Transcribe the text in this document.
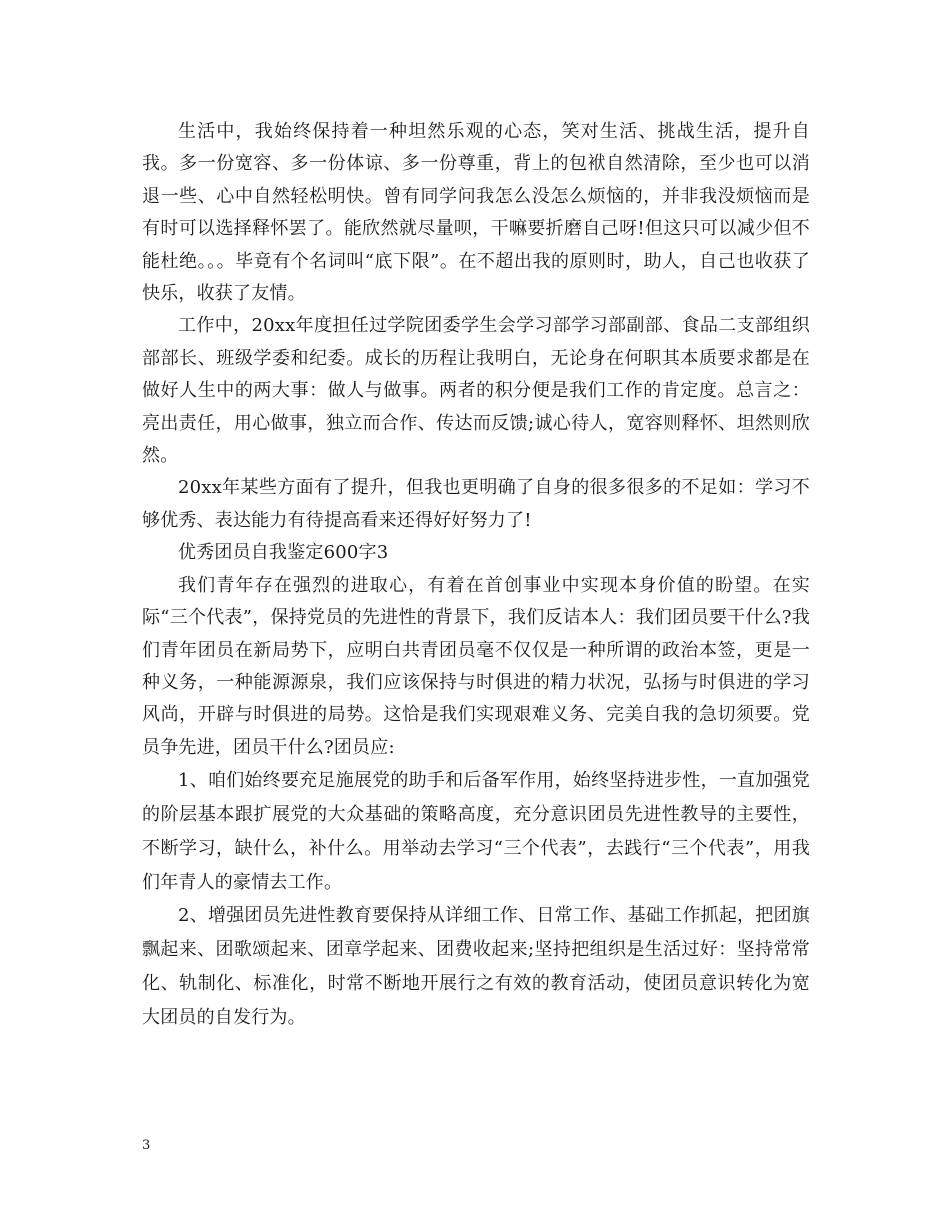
生活中，我始终保持着一种坦然乐观的心态，笑对生活、挑战生活，提升自我。多一份宽容、多一份体谅、多一份尊重，背上的包袱自然清除，至少也可以消退一些、心中自然轻松明快。曾有同学问我怎么没怎么烦恼的，并非我没烦恼而是有时可以选择释怀罢了。能欣然就尽量呗，干嘛要折磨自己呀!但这只可以减少但不能杜绝。。。毕竟有个名词叫“底下限”。在不超出我的原则时，助人，自己也收获了快乐，收获了友情。

工作中，20xx年度担任过学院团委学生会学习部学习部副部、食品二支部组织部部长、班级学委和纪委。成长的历程让我明白，无论身在何职其本质要求都是在做好人生中的两大事：做人与做事。两者的积分便是我们工作的肯定度。总言之：亮出责任，用心做事，独立而合作、传达而反馈;诚心待人，宽容则释怀、坦然则欣然。

20xx年某些方面有了提升，但我也更明确了自身的很多很多的不足如：学习不够优秀、表达能力有待提高看来还得好好努力了!

优秀团员自我鉴定600字3

我们青年存在强烈的进取心，有着在首创事业中实现本身价值的盼望。在实际“三个代表”，保持党员的先进性的背景下，我们反诘本人：我们团员要干什么?我们青年团员在新局势下，应明白共青团员毫不仅仅是一种所谓的政治本签，更是一种义务，一种能源源泉，我们应该保持与时俱进的精力状况，弘扬与时俱进的学习风尚，开辟与时俱进的局势。这恰是我们实现艰难义务、完美自我的急切须要。党员争先进，团员干什么?团员应:

1、咱们始终要充足施展党的助手和后备军作用，始终坚持进步性，一直加强党的阶层基本跟扩展党的大众基础的策略高度，充分意识团员先进性教导的主要性，不断学习，缺什么，补什么。用举动去学习“三个代表”，去践行“三个代表”，用我们年青人的豪情去工作。

2、增强团员先进性教育要保持从详细工作、日常工作、基础工作抓起，把团旗飘起来、团歌颂起来、团章学起来、团费收起来;坚持把组织是生活过好：坚持常常化、轨制化、标准化，时常不断地开展行之有效的教育活动，使团员意识转化为宽大团员的自发行为。

3
